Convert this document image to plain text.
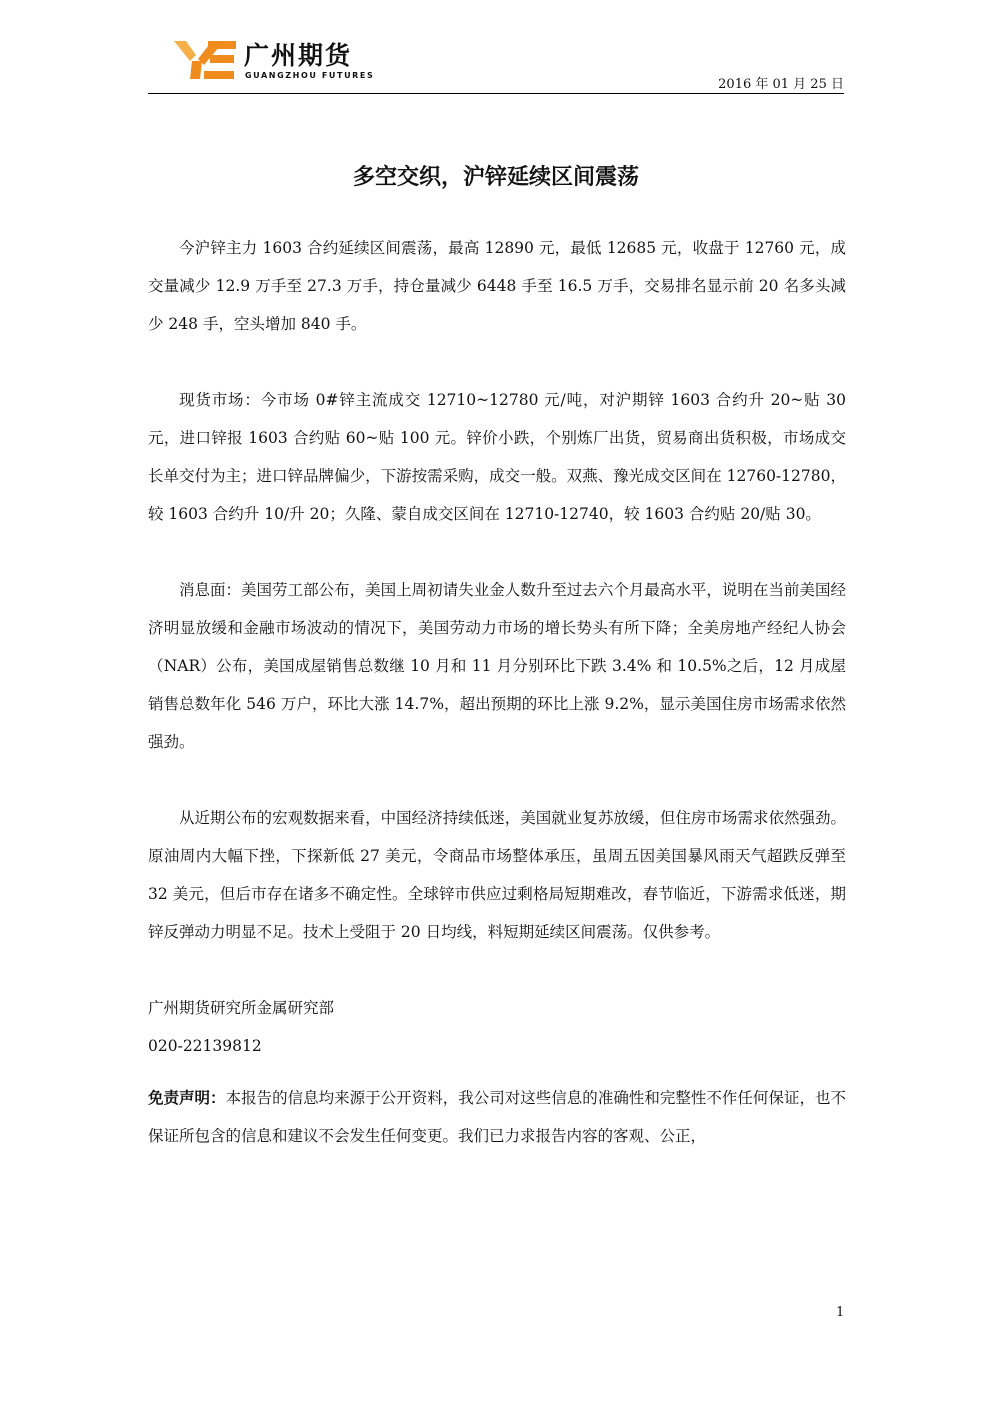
广州期货
GUANGZHOU FUTURES
2016 年 01 月 25 日
多空交织，沪锌延续区间震荡

今沪锌主力 1603 合约延续区间震荡，最高 12890 元，最低 12685 元，收盘于 12760 元，成交量减少 12.9 万手至 27.3 万手，持仓量减少 6448 手至 16.5 万手，交易排名显示前 20 名多头减少 248 手，空头增加 840 手。

现货市场：今市场 0#锌主流成交 12710~12780 元/吨，对沪期锌 1603 合约升 20~贴 30 元，进口锌报 1603 合约贴 60~贴 100 元。锌价小跌，个别炼厂出货，贸易商出货积极，市场成交长单交付为主；进口锌品牌偏少，下游按需采购，成交一般。双燕、豫光成交区间在 12760-12780，较 1603 合约升 10/升 20；久隆、蒙自成交区间在 12710-12740，较 1603 合约贴 20/贴 30。

消息面：美国劳工部公布，美国上周初请失业金人数升至过去六个月最高水平，说明在当前美国经济明显放缓和金融市场波动的情况下，美国劳动力市场的增长势头有所下降；全美房地产经纪人协会（NAR）公布，美国成屋销售总数继 10 月和 11 月分别环比下跌 3.4% 和 10.5%之后，12 月成屋销售总数年化 546 万户，环比大涨 14.7%，超出预期的环比上涨 9.2%，显示美国住房市场需求依然强劲。

从近期公布的宏观数据来看，中国经济持续低迷，美国就业复苏放缓，但住房市场需求依然强劲。原油周内大幅下挫，下探新低 27 美元，令商品市场整体承压，虽周五因美国暴风雨天气超跌反弹至 32 美元，但后市存在诸多不确定性。全球锌市供应过剩格局短期难改，春节临近，下游需求低迷，期锌反弹动力明显不足。技术上受阻于 20 日均线，料短期延续区间震荡。仅供参考。

广州期货研究所金属研究部

020-22139812

免责声明：本报告的信息均来源于公开资料，我公司对这些信息的准确性和完整性不作任何保证，也不保证所包含的信息和建议不会发生任何变更。我们已力求报告内容的客观、公正，

1
